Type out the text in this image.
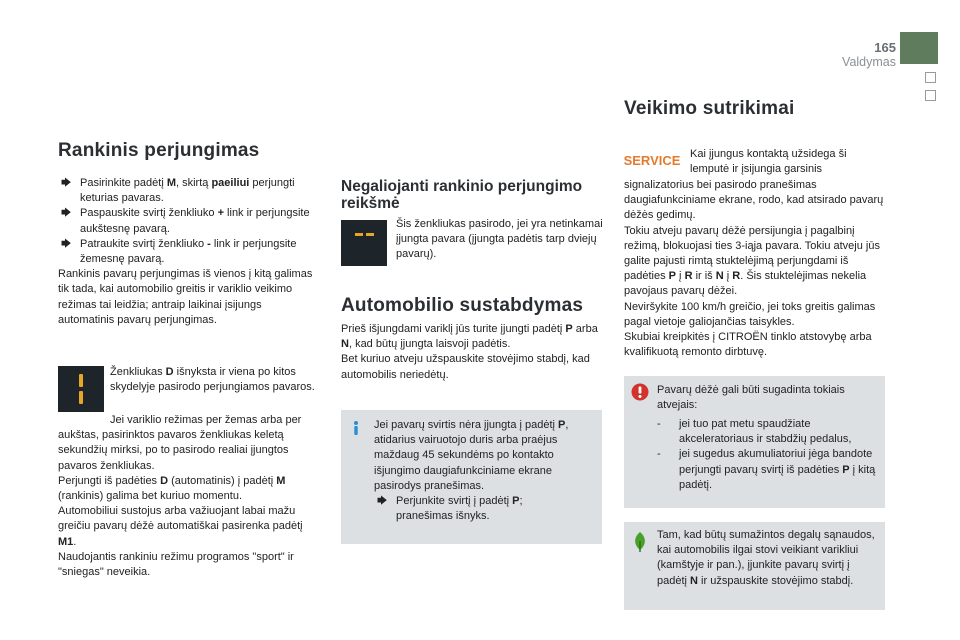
165
Valdymas
Rankinis perjungimas

🡆 Pasirinkite padėtį M, skirtą paeiliui perjungti keturias pavaras.

🡆 Paspauskite svirtį ženkliuko + link ir perjungsite aukštesnę pavarą.

🡆 Patraukite svirtį ženkliuko - link ir perjungsite žemesnę pavarą.

Rankinis pavarų perjungimas iš vienos į kitą galimas tik tada, kai automobilio greitis ir variklio veikimo režimas tai leidžia; antraip laikinai įsijungs automatinis pavarų perjungimas.

Ženkliukas D išnyksta ir viena po kitos skydelyje pasirodo perjungiamos pavaros.

Jei variklio režimas per žemas arba per aukštas, pasirinktos pavaros ženkliukas keletą sekundžių mirksi, po to pasirodo realiai įjungtos pavaros ženkliukas.

Perjungti iš padėties D (automatinis) į padėtį M (rankinis) galima bet kuriuo momentu.

Automobiliui sustojus arba važiuojant labai mažu greičiu pavarų dėžė automatiškai pasirenka padėtį M1.

Naudojantis rankiniu režimu programos "sport" ir "sniegas" neveikia.

Negaliojanti rankinio perjungimo reikšmė

Šis ženkliukas pasirodo, jei yra netinkamai įjungta pavara (įjungta padėtis tarp dviejų pavarų).

Automobilio sustabdymas

Prieš išjungdami variklį jūs turite įjungti padėtį P arba N, kad būtų įjungta laisvoji padėtis.

Bet kuriuo atveju užspauskite stovėjimo stabdį, kad automobilis neriedėtų.

Jei pavarų svirtis nėra įjungta į padėtį P, atidarius vairuotojo duris arba praėjus maždaug 45 sekundėms po kontakto išjungimo daugiafunkciniame ekrane pasirodys pranešimas.

🡆 Perjunkite svirtį į padėtį P;

pranešimas išnyks.

Veikimo sutrikimai
SERVICE Kai įjungus kontaktą užsidega ši lemputė ir įsijungia garsinis

signalizatorius bei pasirodo pranešimas daugiafunkciniame ekrane, rodo, kad atsirado pavarų dėžės gedimų.

Tokiu atveju pavarų dėžė persijungia į pagalbinį režimą, blokuojasi ties 3-iąja pavara. Tokiu atveju jūs galite pajusti rimtą stuktelėjimą perjungdami iš padėties P į R ir iš N į R. Šis stuktelėjimas nekelia pavojaus pavarų dėžei.

Neviršykite 100 km/h greičio, jei toks greitis galimas pagal vietoje galiojančias taisykles.

Skubiai kreipkitės į CITROËN tinklo atstovybę arba kvalifikuotą remonto dirbtuvę.

Pavarų dėžė gali būti sugadinta tokiais atvejais:

- jei tuo pat metu spaudžiate akceleratoriaus ir stabdžių pedalus,

- jei sugedus akumuliatoriui jėga bandote perjungti pavarų svirtį iš padėties P į kitą padėtį.

Tam, kad būtų sumažintos degalų sąnaudos, kai automobilis ilgai stovi veikiant varikliui (kamštyje ir pan.), įjunkite pavarų svirtį į padėtį N ir užspauskite stovėjimo stabdį.
